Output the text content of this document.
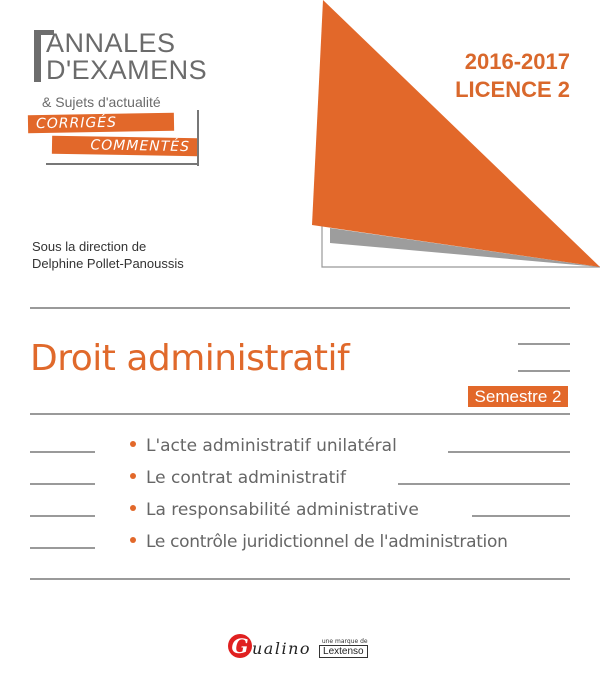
ANNALES
D'EXAMENS
& Sujets d'actualité
CORRIGÉS
COMMENTÉS
2016-2017
LICENCE 2
Sous la direction de
Delphine Pollet-Panoussis
Droit administratif
Semestre 2
L'acte administratif unilatéral
Le contrat administratif
La responsabilité administrative
Le contrôle juridictionnel de l'administration
G ualino une marque de
Lextenso
